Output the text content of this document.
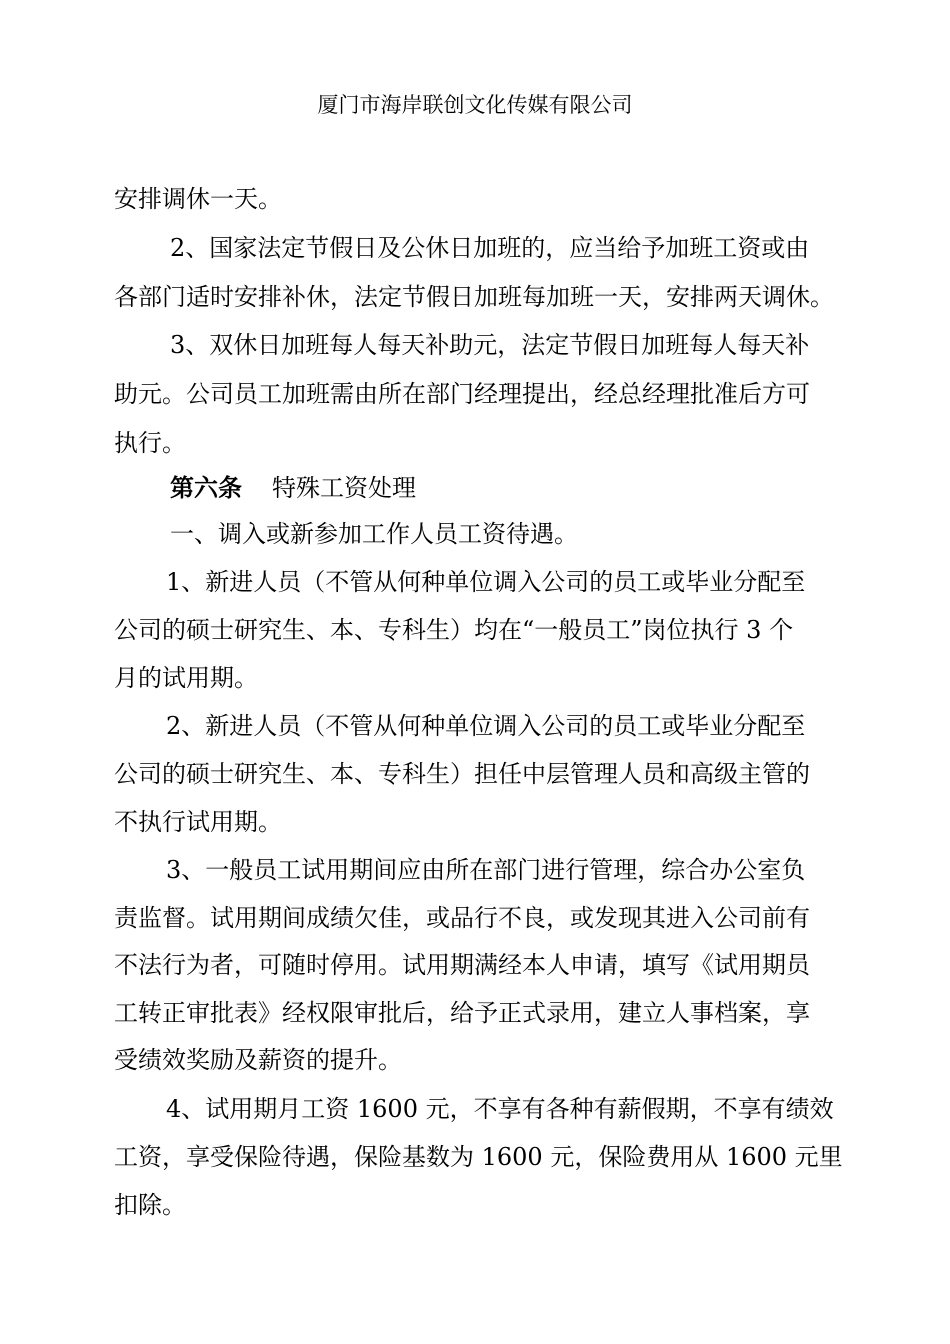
厦门市海岸联创文化传媒有限公司
安排调休一天。
2、国家法定节假日及公休日加班的，应当给予加班工资或由
各部门适时安排补休，法定节假日加班每加班一天，安排两天调休。
3、双休日加班每人每天补助元，法定节假日加班每人每天补
助元。公司员工加班需由所在部门经理提出，经总经理批准后方可
执行。
第六条 特殊工资处理
一、调入或新参加工作人员工资待遇。
1、新进人员（不管从何种单位调入公司的员工或毕业分配至
公司的硕士研究生、本、专科生）均在“一般员工”岗位执行 3 个
月的试用期。
2、新进人员（不管从何种单位调入公司的员工或毕业分配至
公司的硕士研究生、本、专科生）担任中层管理人员和高级主管的
不执行试用期。
3、一般员工试用期间应由所在部门进行管理，综合办公室负
责监督。试用期间成绩欠佳，或品行不良，或发现其进入公司前有
不法行为者，可随时停用。试用期满经本人申请，填写《试用期员
工转正审批表》经权限审批后，给予正式录用，建立人事档案，享
受绩效奖励及薪资的提升。
4、试用期月工资 1600 元，不享有各种有薪假期，不享有绩效
工资，享受保险待遇，保险基数为 1600 元，保险费用从 1600 元里
扣除。
